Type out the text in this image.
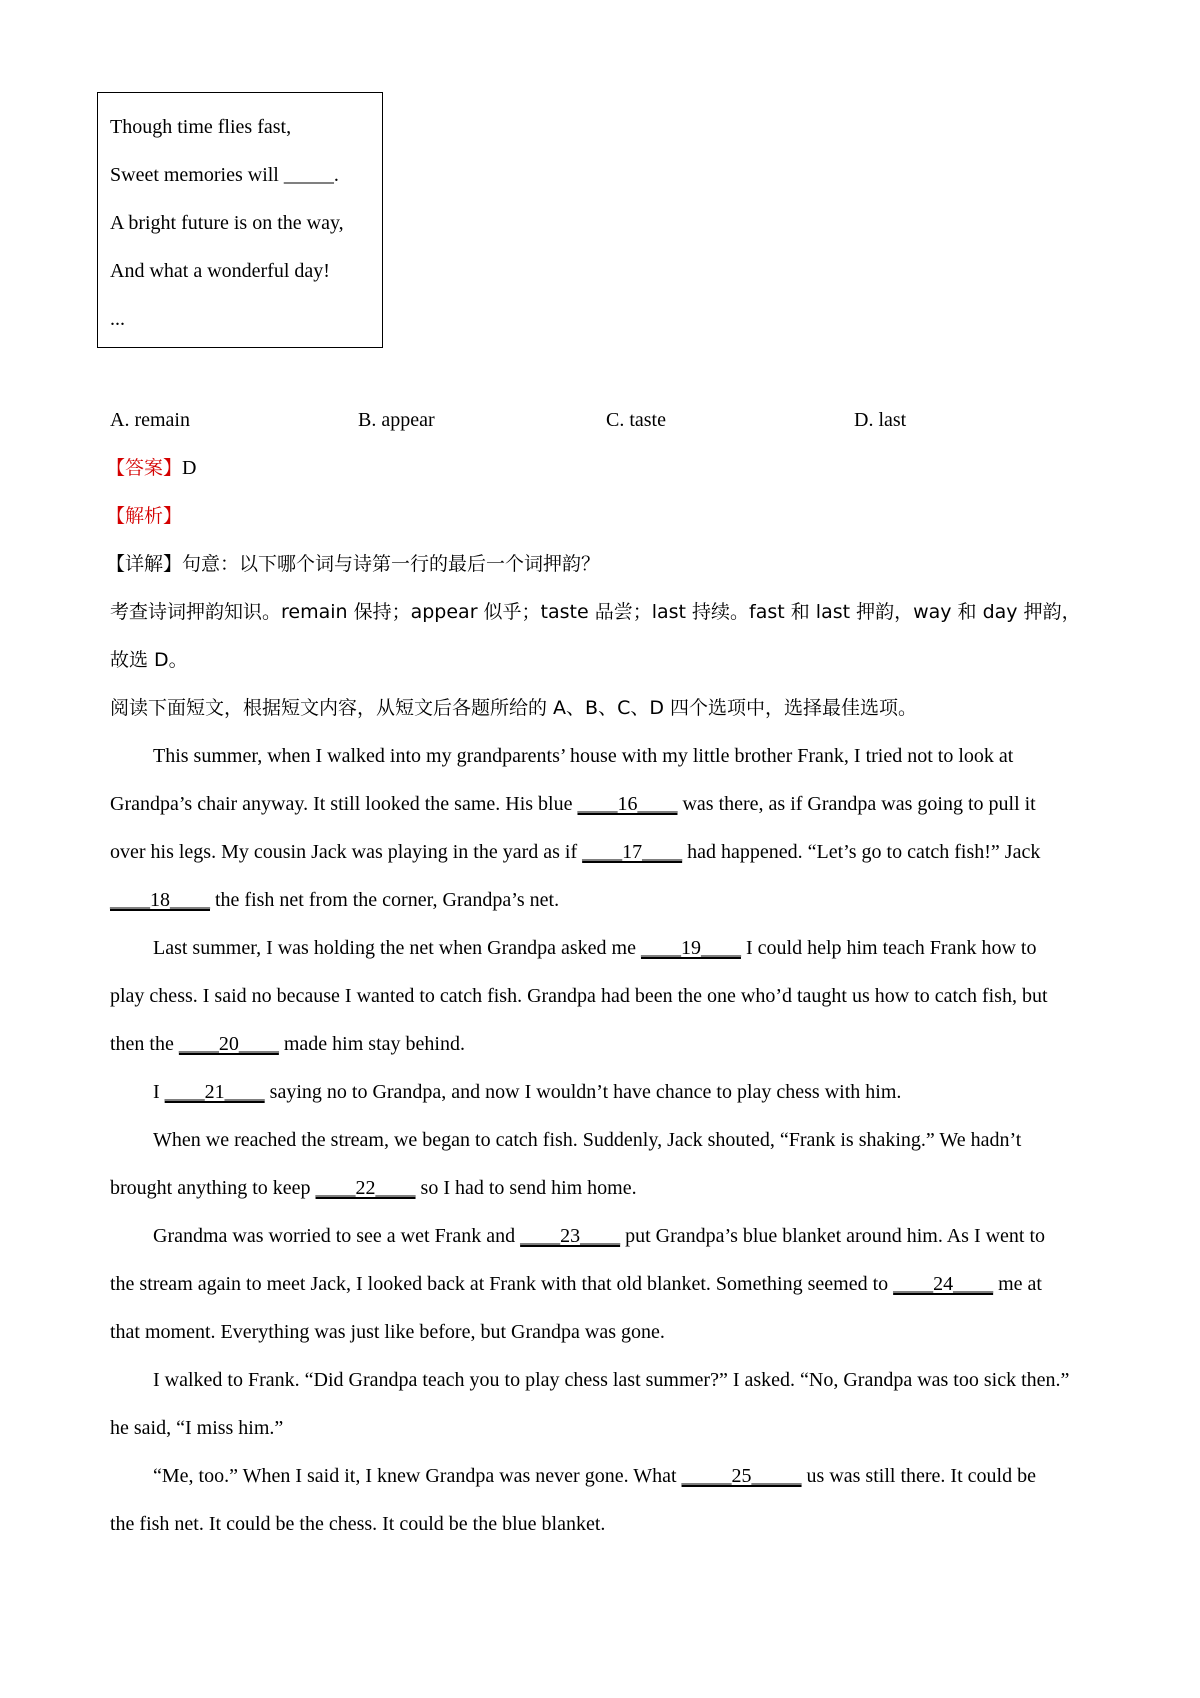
Though time flies fast,
Sweet memories will _____.
A bright future is on the way,
And what a wonderful day!
...
A. remain	B. appear	C. taste	D. last
【答案】D
【解析】
【详解】句意：以下哪个词与诗第一行的最后一个词押韵？
考查诗词押韵知识。remain 保持；appear 似乎；taste 品尝；last 持续。fast 和 last 押韵，way 和 day 押韵，
故选 D。
阅读下面短文，根据短文内容，从短文后各题所给的 A、B、C、D 四个选项中，选择最佳选项。
This summer, when I walked into my grandparents’ house with my little brother Frank, I tried not to look at
Grandpa’s chair anyway. It still looked the same. His blue ____16____ was there, as if Grandpa was going to pull it
over his legs. My cousin Jack was playing in the yard as if ____17____ had happened. “Let’s go to catch fish!” Jack
____18____ the fish net from the corner, Grandpa’s net.
Last summer, I was holding the net when Grandpa asked me ____19____ I could help him teach Frank how to
play chess. I said no because I wanted to catch fish. Grandpa had been the one who’d taught us how to catch fish, but
then the ____20____ made him stay behind.
I ____21____ saying no to Grandpa, and now I wouldn’t have chance to play chess with him.
When we reached the stream, we began to catch fish. Suddenly, Jack shouted, “Frank is shaking.” We hadn’t
brought anything to keep ____22____ so I had to send him home.
Grandma was worried to see a wet Frank and ____23____ put Grandpa’s blue blanket around him. As I went to
the stream again to meet Jack, I looked back at Frank with that old blanket. Something seemed to ____24____ me at
that moment. Everything was just like before, but Grandpa was gone.
I walked to Frank. “Did Grandpa teach you to play chess last summer?” I asked. “No, Grandpa was too sick then.”
he said, “I miss him.”
“Me, too.” When I said it, I knew Grandpa was never gone. What _____25_____ us was still there. It could be
the fish net. It could be the chess. It could be the blue blanket.
